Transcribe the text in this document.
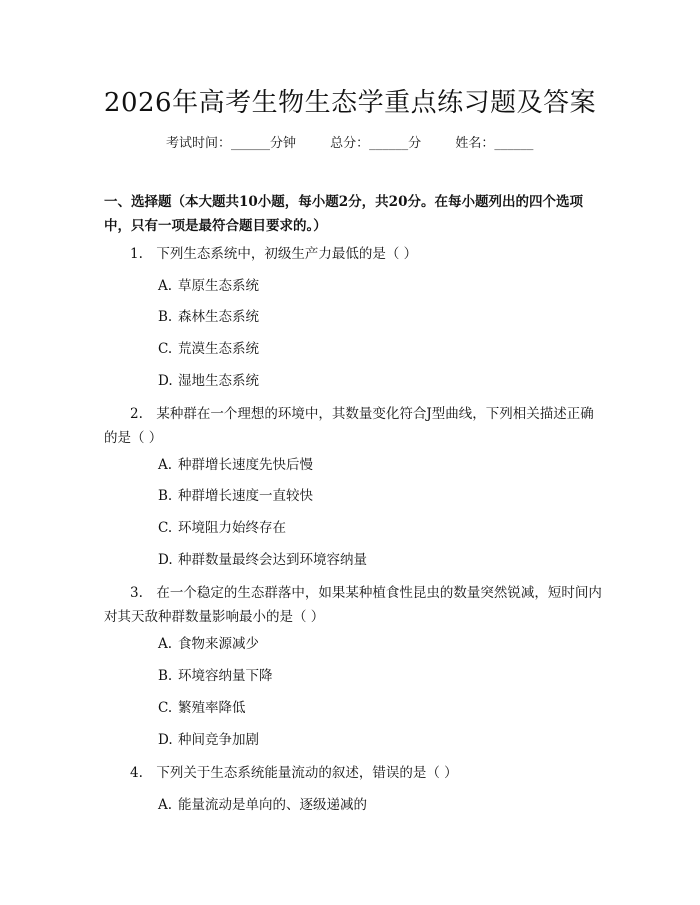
2026年高考生物生态学重点练习题及答案
考试时间：______分钟	总分：______分	姓名：______
一、选择题（本大题共10小题，每小题2分，共20分。在每小题列出的四个选项中，只有一项是最符合题目要求的。）
1.　下列生态系统中，初级生产力最低的是（ ）
A. 草原生态系统
B. 森林生态系统
C. 荒漠生态系统
D. 湿地生态系统
2.　某种群在一个理想的环境中，其数量变化符合J型曲线，下列相关描述正确的是（ ）
A. 种群增长速度先快后慢
B. 种群增长速度一直较快
C. 环境阻力始终存在
D. 种群数量最终会达到环境容纳量
3.　在一个稳定的生态群落中，如果某种植食性昆虫的数量突然锐减，短时间内对其天敌种群数量影响最小的是（ ）
A. 食物来源减少
B. 环境容纳量下降
C. 繁殖率降低
D. 种间竞争加剧
4.　下列关于生态系统能量流动的叙述，错误的是（ ）
A. 能量流动是单向的、逐级递减的
